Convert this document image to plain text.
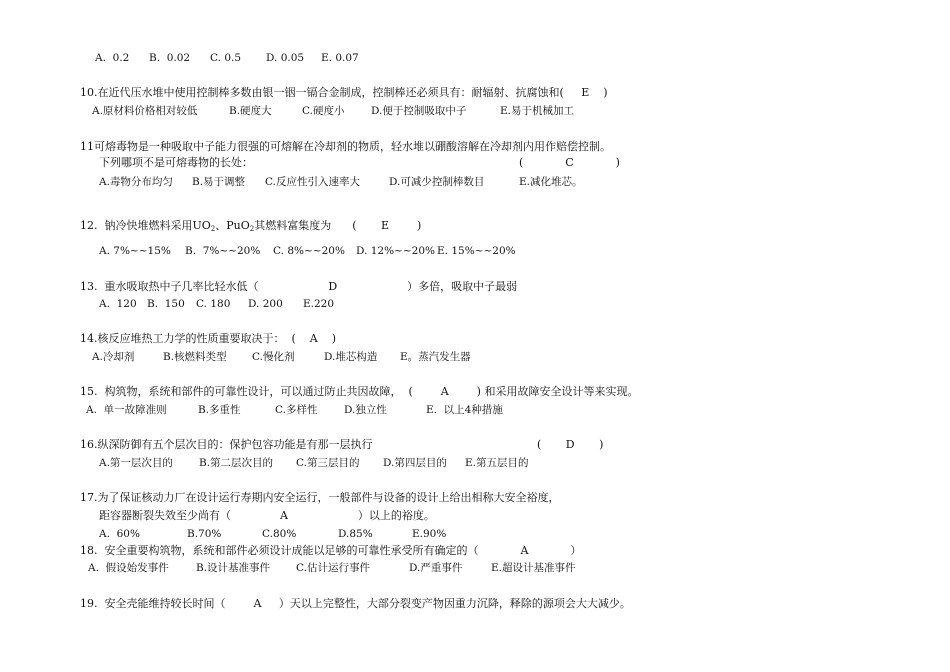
A.  0.2 B.  0.02 C. 0.5 D. 0.05 E. 0.07
10.在近代压水堆中使用控制棒多数由银一铟一镉合金制成，控制棒还必须具有：耐辐射、抗腐蚀和(     E    )
A.原材料价格相对较低	B.硬度大	C.硬度小	D.便于控制吸取中子	E.易于机械加工
11可熔毒物是一种吸取中子能力很强的可熔解在冷却剂的物质，轻水堆以硼酸溶解在冷却剂内用作赔偿控制。
下列哪项不是可熔毒物的长处：	(            C            )
A.毒物分布均匀 B.易于调整 C.反应性引入速率大	D.可减少控制棒数目	E.减化堆芯。
12.  钠冷快堆燃料采用$UO_2$、PuO$_2$其燃料富集度为      (       E        )
A. 7%~~15% B.  7%~~20% C. 8%~~20% D. 12%~~20% E. 15%~~20%
13.  重水吸取热中子几率比轻水低（                    D                    ）多倍，吸取中子最弱
A.  120 B.  150 C. 180 D. 200 E.220
14.核反应堆热工力学的性质重要取决于：  (    A    )
A.冷却剂	B.核燃料类型 C.慢化剂	D.堆芯构造 E。蒸汽发生器
15.  构筑物，系统和部件的可靠性设计，可以通过防止共因故障，  (        A        ) 和采用故障安全设计等来实现。
A.  单一故障准则	B.多重性	C.多样性	D.独立性	E.  以上4种措施
16.纵深防御有五个层次目的：保护包容功能是有那一层执行	(       D       )
A.第一层次目的 B.第二层次目的 C.第三层目的 D.第四层目的 E.第五层目的
17.为了保证核动力厂在设计运行寿期内安全运行，一般部件与设备的设计上给出相称大安全裕度，
距容器断裂失效至少尚有（              A                    ）以上的裕度。
A.  60%	B.70%	C.80%	D.85%	E.90%
18.  安全重要构筑物，系统和部件必须设计成能以足够的可靠性承受所有确定的（            A            ）
A.  假设始发事件	B.设计基准事件 C.估计运行事件	D.严重事件	E.超设计基准事件
19.  安全壳能维持较长时间（        A     ）天以上完整性，大部分裂变产物因重力沉降，释除的源项会大大减少。
